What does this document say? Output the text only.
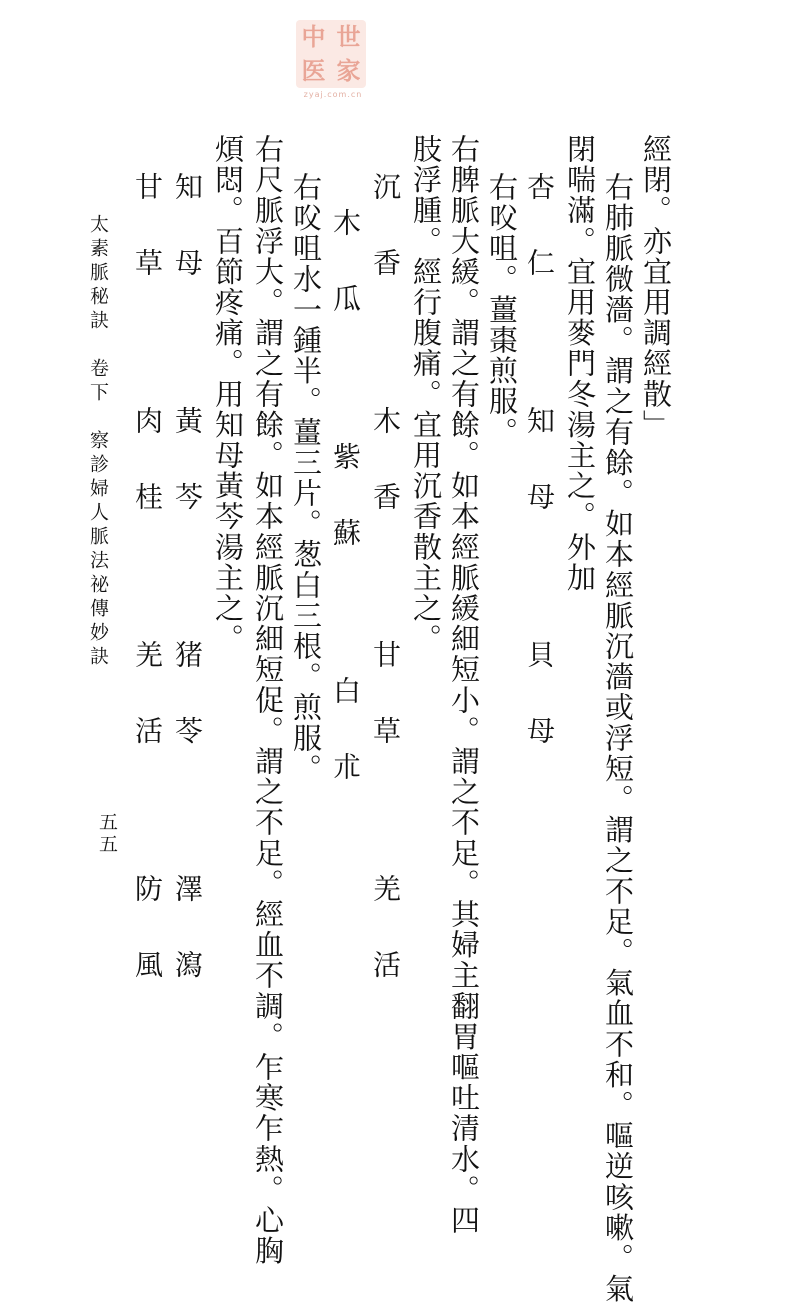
中 世
医 家
zyaj.com.cn
經閉。亦宜用調經散」
右肺脈微濇。謂之有餘。如本經脈沉濇或浮短。謂之不足。氣血不和。嘔逆咳嗽。氣
閉喘滿。宜用麥門冬湯主之。外加
杏　仁
知　母
貝　母
右㕮咀。薑棗煎服。
右脾脈大緩。謂之有餘。如本經脈緩細短小。謂之不足。其婦主翻胃嘔吐清水。四
肢浮腫。經行腹痛。宜用沉香散主之。
沉　香
木　香
甘　草
羌　活
木　瓜
紫　蘇
白　朮
右㕮咀水一鍾半。薑三片。葱白三根。煎服。
右尺脈浮大。謂之有餘。如本經脈沉細短促。謂之不足。經血不調。乍寒乍熱。心胸
煩悶。百節疼痛。用知母黃芩湯主之。
知　母
黃　芩
猪　苓
澤　瀉
甘　草
肉　桂
羌　活
防　風
太素脈秘訣　卷下　察診婦人脈法祕傳妙訣
五五
